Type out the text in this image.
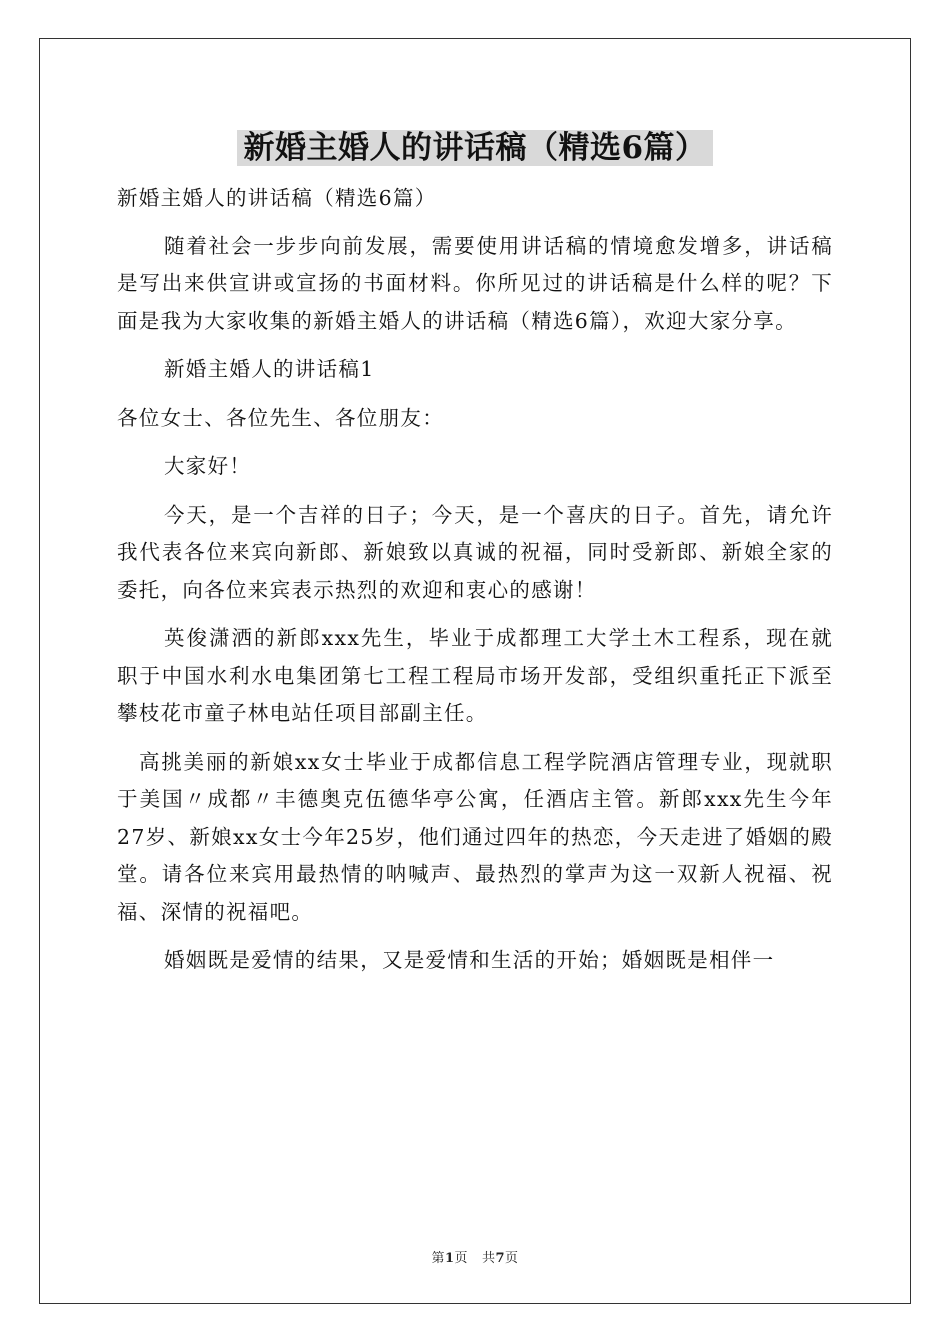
新婚主婚人的讲话稿（精选6篇）

新婚主婚人的讲话稿（精选6篇）

随着社会一步步向前发展，需要使用讲话稿的情境愈发增多，讲话稿是写出来供宣讲或宣扬的书面材料。你所见过的讲话稿是什么样的呢？下面是我为大家收集的新婚主婚人的讲话稿（精选6篇），欢迎大家分享。

新婚主婚人的讲话稿1

各位女士、各位先生、各位朋友：

大家好！

今天，是一个吉祥的日子；今天，是一个喜庆的日子。首先，请允许我代表各位来宾向新郎、新娘致以真诚的祝福，同时受新郎、新娘全家的委托，向各位来宾表示热烈的欢迎和衷心的感谢！

英俊潇洒的新郎xxx先生，毕业于成都理工大学土木工程系，现在就职于中国水利水电集团第七工程工程局市场开发部，受组织重托正下派至攀枝花市童子林电站任项目部副主任。

高挑美丽的新娘xx女士毕业于成都信息工程学院酒店管理专业，现就职于美国〃成都〃丰德奥克伍德华亭公寓，任酒店主管。新郎xxx先生今年27岁、新娘xx女士今年25岁，他们通过四年的热恋，今天走进了婚姻的殿堂。请各位来宾用最热情的呐喊声、最热烈的掌声为这一双新人祝福、祝福、深情的祝福吧。

婚姻既是爱情的结果，又是爱情和生活的开始；婚姻既是相伴一

第1页 共7页
